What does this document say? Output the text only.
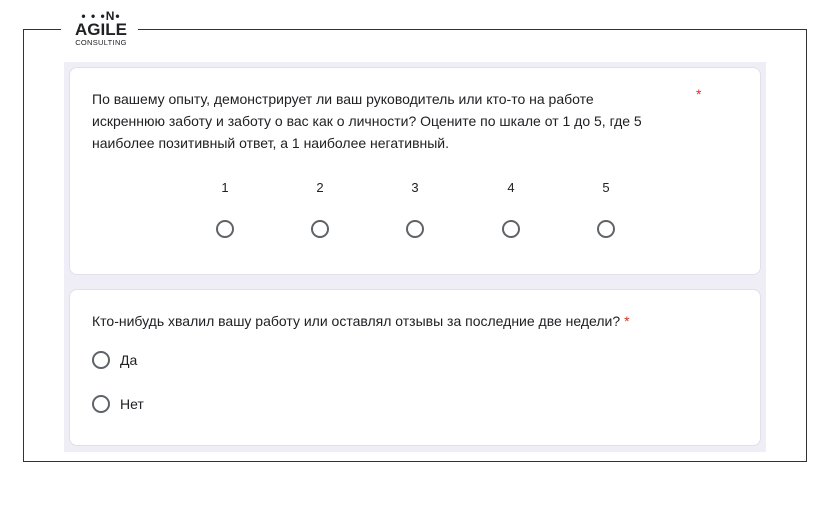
• • •N•
AGILE
CONSULTING
По вашему опыту, демонстрирует ли ваш руководитель или кто-то на работе искреннюю заботу и заботу о вас как о личности? Оцените по шкале от 1 до 5, где 5 наиболее позитивный ответ, а 1 наиболее негативный.
*
1	2	3	4	5
Кто-нибудь хвалил вашу работу или оставлял отзывы за последние две недели? *
Да
Нет
